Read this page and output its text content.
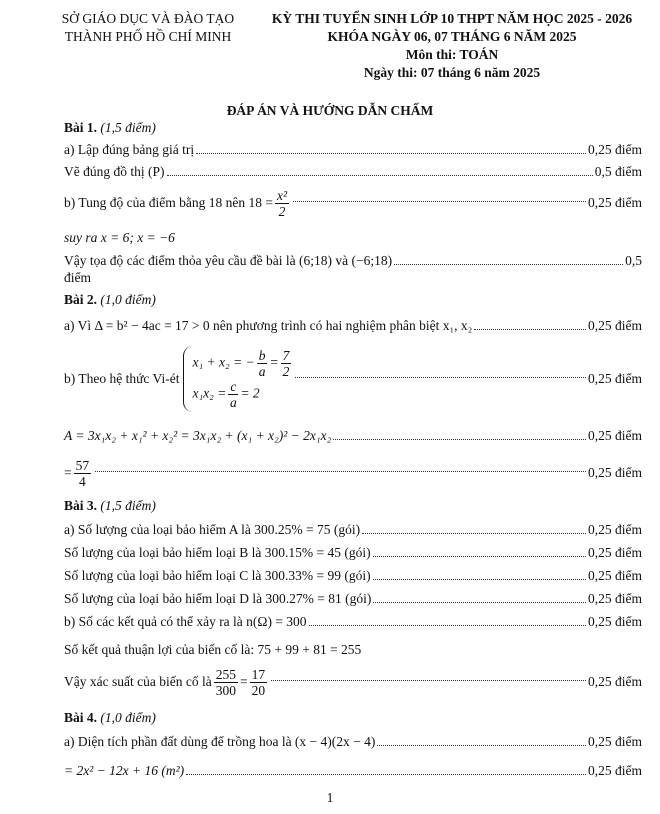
SỞ GIÁO DỤC VÀ ĐÀO TẠO
THÀNH PHỐ HỒ CHÍ MINH
KỲ THI TUYỂN SINH LỚP 10 THPT NĂM HỌC 2025 - 2026
KHÓA NGÀY 06, 07 THÁNG 6 NĂM 2025
Môn thi: TOÁN
Ngày thi: 07 tháng 6 năm 2025
ĐÁP ÁN VÀ HƯỚNG DẪN CHẤM
Bài 1. (1,5 điểm)
a) Lập đúng bảng giá trị	0,25 điểm
Vẽ đúng đồ thị (P)	0,5 điểm
b) Tung độ của điểm bằng 18 nên $18 = \frac{\text{x²}}{2}$	0,25 điểm
suy ra x = 6; x = −6
Vậy tọa độ các điểm thỏa yêu cầu đề bài là (6;18) và (−6;18)	0,5
điểm
Bài 2. (1,0 điểm)
a) Vì Δ = b² − 4ac = 17 > 0 nên phương trình có hai nghiệm phân biệt x₁, x₂	0,25 điểm
b) Theo hệ thức Vi-ét
x₁ + x₂ = − $\frac{b}{a} = \frac{7}{2}$
$x_1x_2 = \frac{c}{a} = 2$
0,25 điểm
A = 3x₁x₂ + x₁² + x₂² = 3x₁x₂ + (x₁ + x₂)² − 2x₁x₂	0,25 điểm
= $\frac{57}{4}$	0,25 điểm
Bài 3. (1,5 điểm)
a) Số lượng của loại bảo hiểm A là 300.25% = 75 (gói)	0,25 điểm
Số lượng của loại bảo hiểm loại B là 300.15% = 45 (gói)	0,25 điểm
Số lượng của loại bảo hiểm loại C là 300.33% = 99 (gói)	0,25 điểm
Số lượng của loại bảo hiểm loại D là 300.27% = 81 (gói)	0,25 điểm
b) Số các kết quả có thể xảy ra là n(Ω) = 300	0,25 điểm
Số kết quả thuận lợi của biến cố là: 75 + 99 + 81 = 255
Vậy xác suất của biến cố là $\frac{255}{300} = \frac{17}{20}$	0,25 điểm
Bài 4. (1,0 điểm)
a) Diện tích phần đất dùng để trồng hoa là (x − 4)(2x − 4)	0,25 điểm
= 2x² − 12x + 16 (m²)	0,25 điểm
1
